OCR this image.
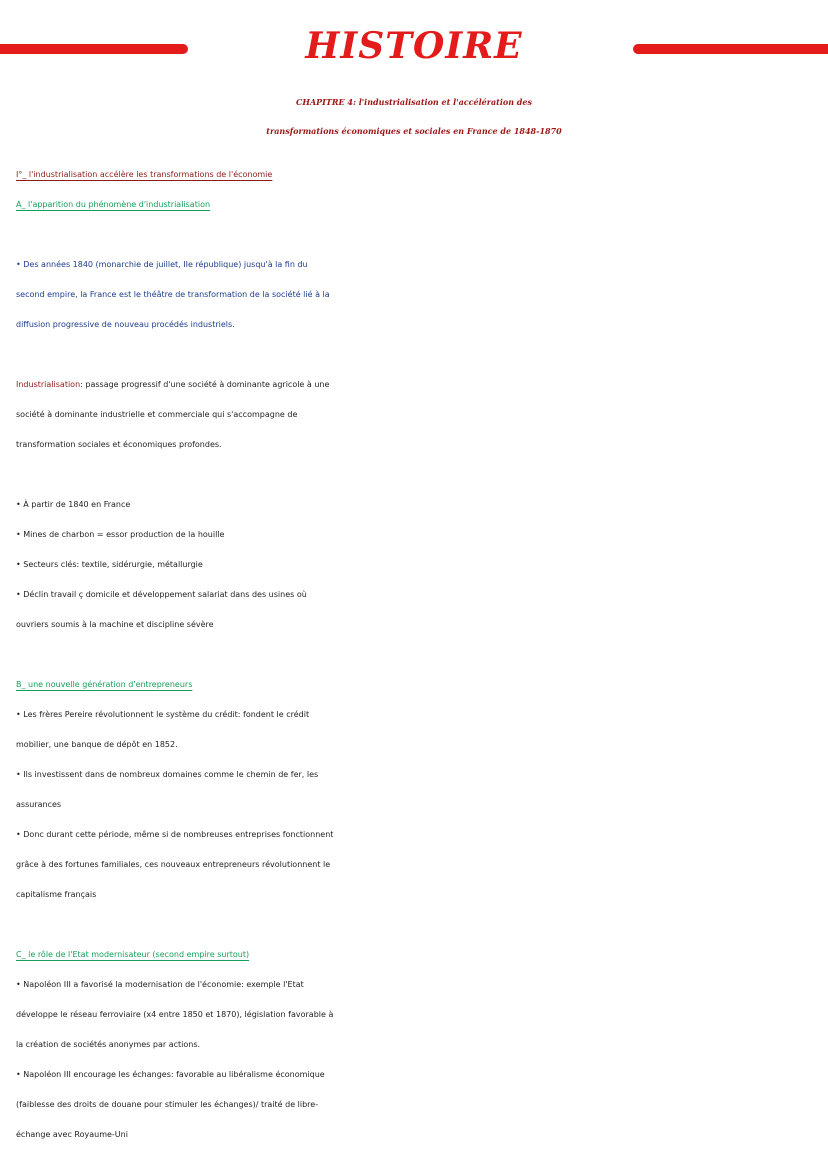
HISTOIRE
CHAPITRE 4: l'industrialisation et l'accélération des
transformations économiques et sociales en France de 1848-1870
I°_ l'industrialisation accélère les transformations de l'économie
A_ l'apparition du phénomène d'industrialisation
• Des années 1840 (monarchie de juillet, IIe république) jusqu'à la fin du
second empire, la France est le théâtre de transformation de la société lié à la
diffusion progressive de nouveau procédés industriels.
Industrialisation: passage progressif d'une société à dominante agricole à une
société à dominante industrielle et commerciale qui s'accompagne de
transformation sociales et économiques profondes.
• À partir de 1840 en France
• Mines de charbon = essor production de la houille
• Secteurs clés: textile, sidérurgie, métallurgie
• Déclin travail ç domicile et développement salariat dans des usines où
ouvriers soumis à la machine et discipline sévère
B_ une nouvelle génération d'entrepreneurs
• Les frères Pereire révolutionnent le système du crédit: fondent le crédit
mobilier, une banque de dépôt en 1852.
• Ils investissent dans de nombreux domaines comme le chemin de fer, les
assurances
• Donc durant cette période, même si de nombreuses entreprises fonctionnent
grâce à des fortunes familiales, ces nouveaux entrepreneurs révolutionnent le
capitalisme français
C_ le rôle de l'Etat modernisateur (second empire surtout)
• Napoléon III a favorisé la modernisation de l'économie: exemple l'Etat
développe le réseau ferroviaire (x4 entre 1850 et 1870), législation favorable à
la création de sociétés anonymes par actions.
• Napoléon III encourage les échanges: favorable au libéralisme économique
(faiblesse des droits de douane pour stimuler les échanges)/ traité de libre-
échange avec Royaume-Uni
